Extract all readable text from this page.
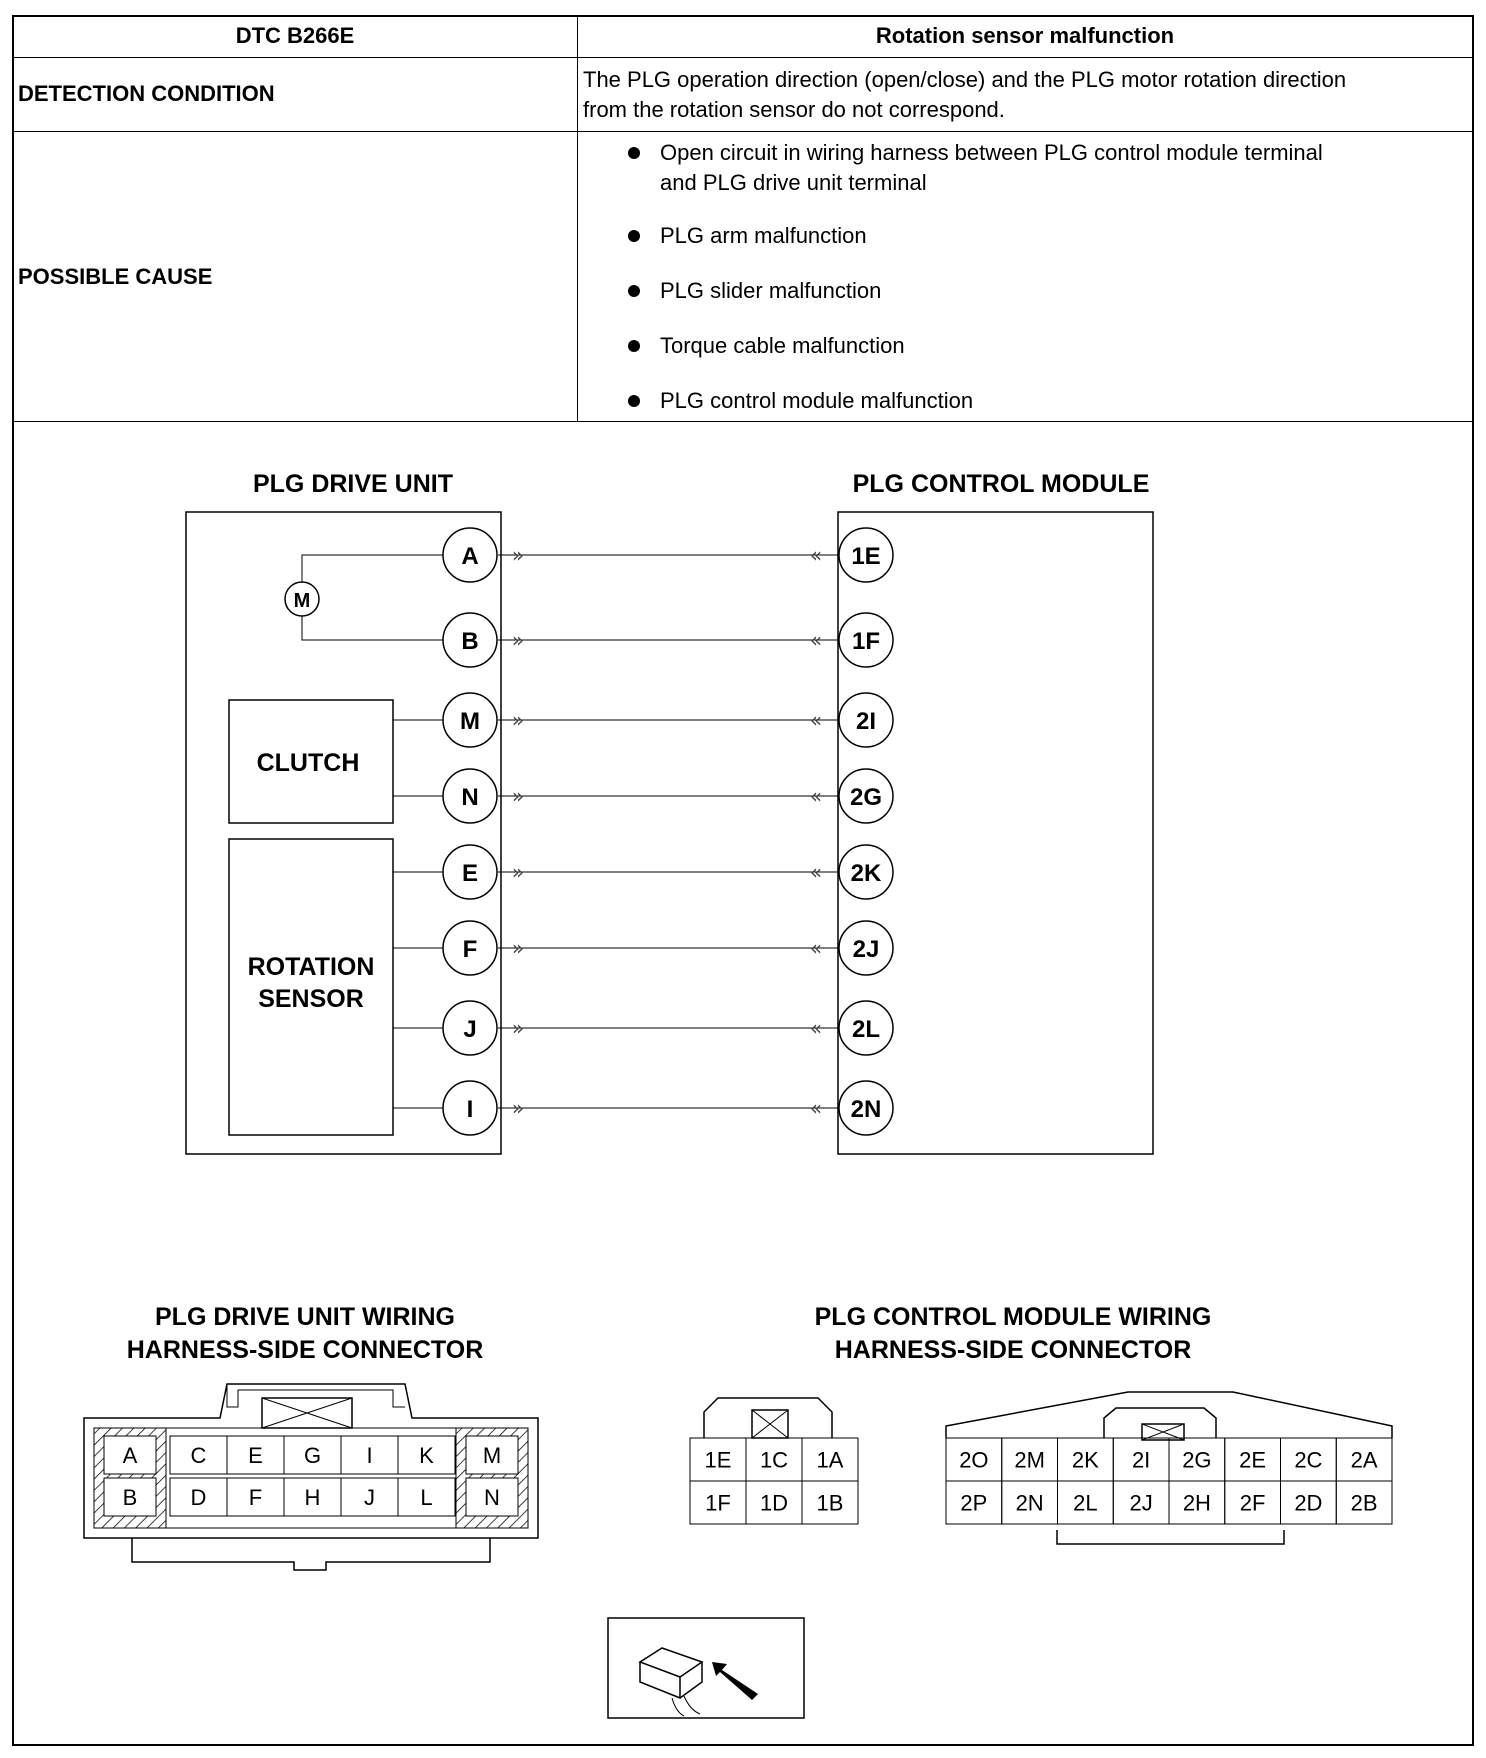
DTC B266E	Rotation sensor malfunction
DETECTION CONDITION
The PLG operation direction (open/close) and the PLG motor rotation direction
from the rotation sensor do not correspond.
POSSIBLE CAUSE
Open circuit in wiring harness between PLG control module terminal
and PLG drive unit terminal
PLG arm malfunction
PLG slider malfunction
Torque cable malfunction
PLG control module malfunction
PLG DRIVE UNIT	PLG CONTROL MODULE
M
CLUTCH
ROTATION
SENSOR
A »	« 1E
B »	« 1F
M »	« 2I
N »	« 2G
E »	« 2K
F »	« 2J
J »	« 2L
I »	« 2N
PLG DRIVE UNIT WIRING
HARNESS-SIDE CONNECTOR
PLG CONTROL MODULE WIRING
HARNESS-SIDE CONNECTOR
A C E G I K M
B D F H J L N
1E 1C 1A
1F 1D 1B
2O 2M 2K 2I 2G 2E 2C 2A
2P 2N 2L 2J 2H 2F 2D 2B
